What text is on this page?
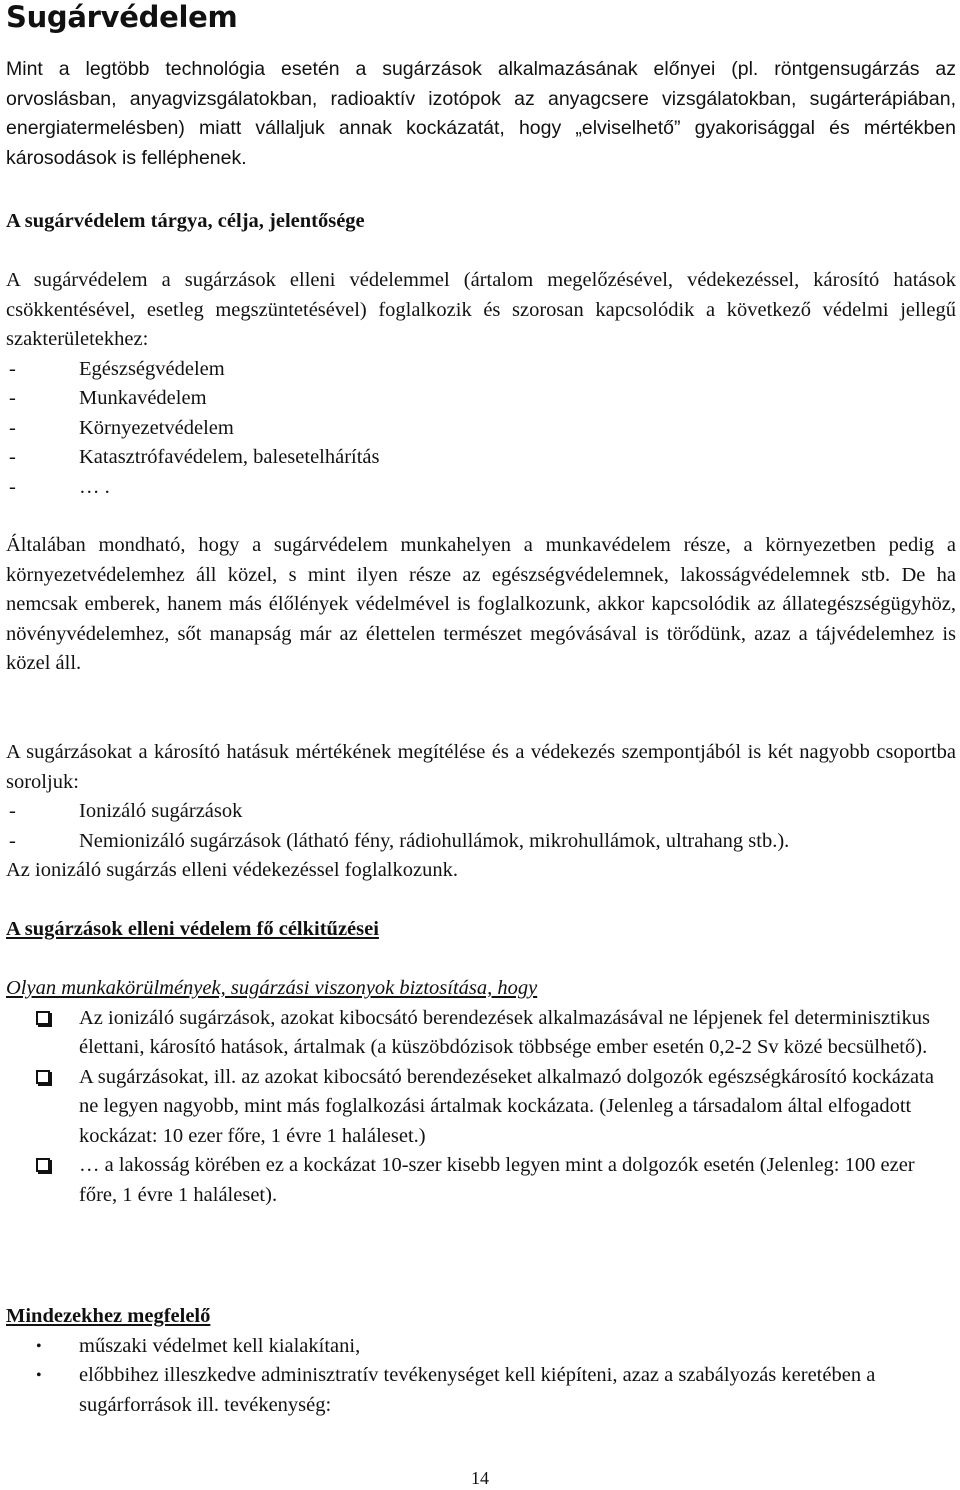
Sugárvédelem

Mint a legtöbb technológia esetén a sugárzások alkalmazásának előnyei (pl. röntgensugárzás az orvoslásban, anyagvizsgálatokban, radioaktív izotópok az anyagcsere vizsgálatokban, sugárterápiában, energiatermelésben) miatt vállaljuk annak kockázatát, hogy „elviselhető” gyakorisággal és mértékben károsodások is felléphenek.

A sugárvédelem tárgya, célja, jelentősége

A sugárvédelem a sugárzások elleni védelemmel (ártalom megelőzésével, védekezéssel, károsító hatások csökkentésével, esetleg megszüntetésével) foglalkozik és szorosan kapcsolódik a következő védelmi jellegű szakterületekhez:

-	Egészségvédelem
-	Munkavédelem
-	Környezetvédelem
-	Katasztrófavédelem, balesetelhárítás
-	… .

Általában mondható, hogy a sugárvédelem munkahelyen a munkavédelem része, a környezetben pedig a környezetvédelemhez áll közel, s mint ilyen része az egészségvédelemnek, lakosságvédelemnek stb. De ha nemcsak emberek, hanem más élőlények védelmével is foglalkozunk, akkor kapcsolódik az állategészségügyhöz, növényvédelemhez, sőt manapság már az élettelen természet megóvásával is törődünk, azaz a tájvédelemhez is közel áll.

A sugárzásokat a károsító hatásuk mértékének megítélése és a védekezés szempontjából is két nagyobb csoportba soroljuk:

-	Ionizáló sugárzások
-	Nemionizáló sugárzások (látható fény, rádiohullámok, mikrohullámok, ultrahang stb.).

Az ionizáló sugárzás elleni védekezéssel foglalkozunk.

A sugárzások elleni védelem fő célkitűzései

Olyan munkakörülmények, sugárzási viszonyok biztosítása, hogy

Az ionizáló sugárzások, azokat kibocsátó berendezések alkalmazásával ne lépjenek fel determinisztikus élettani, károsító hatások, ártalmak (a küszöbdózisok többsége ember esetén 0,2-2 Sv közé becsülhető).
A sugárzásokat, ill. az azokat kibocsátó berendezéseket alkalmazó dolgozók egészségkárosító kockázata ne legyen nagyobb, mint más foglalkozási ártalmak kockázata. (Jelenleg a társadalom által elfogadott kockázat: 10 ezer főre, 1 évre 1 haláleset.)
… a lakosság körében ez a kockázat 10-szer kisebb legyen mint a dolgozók esetén (Jelenleg: 100 ezer főre, 1 évre 1 haláleset).

Mindezekhez megfelelő

• műszaki védelmet kell kialakítani,
• előbbihez illeszkedve adminisztratív tevékenységet kell kiépíteni, azaz a szabályozás keretében a sugárforrások ill. tevékenység:
14
